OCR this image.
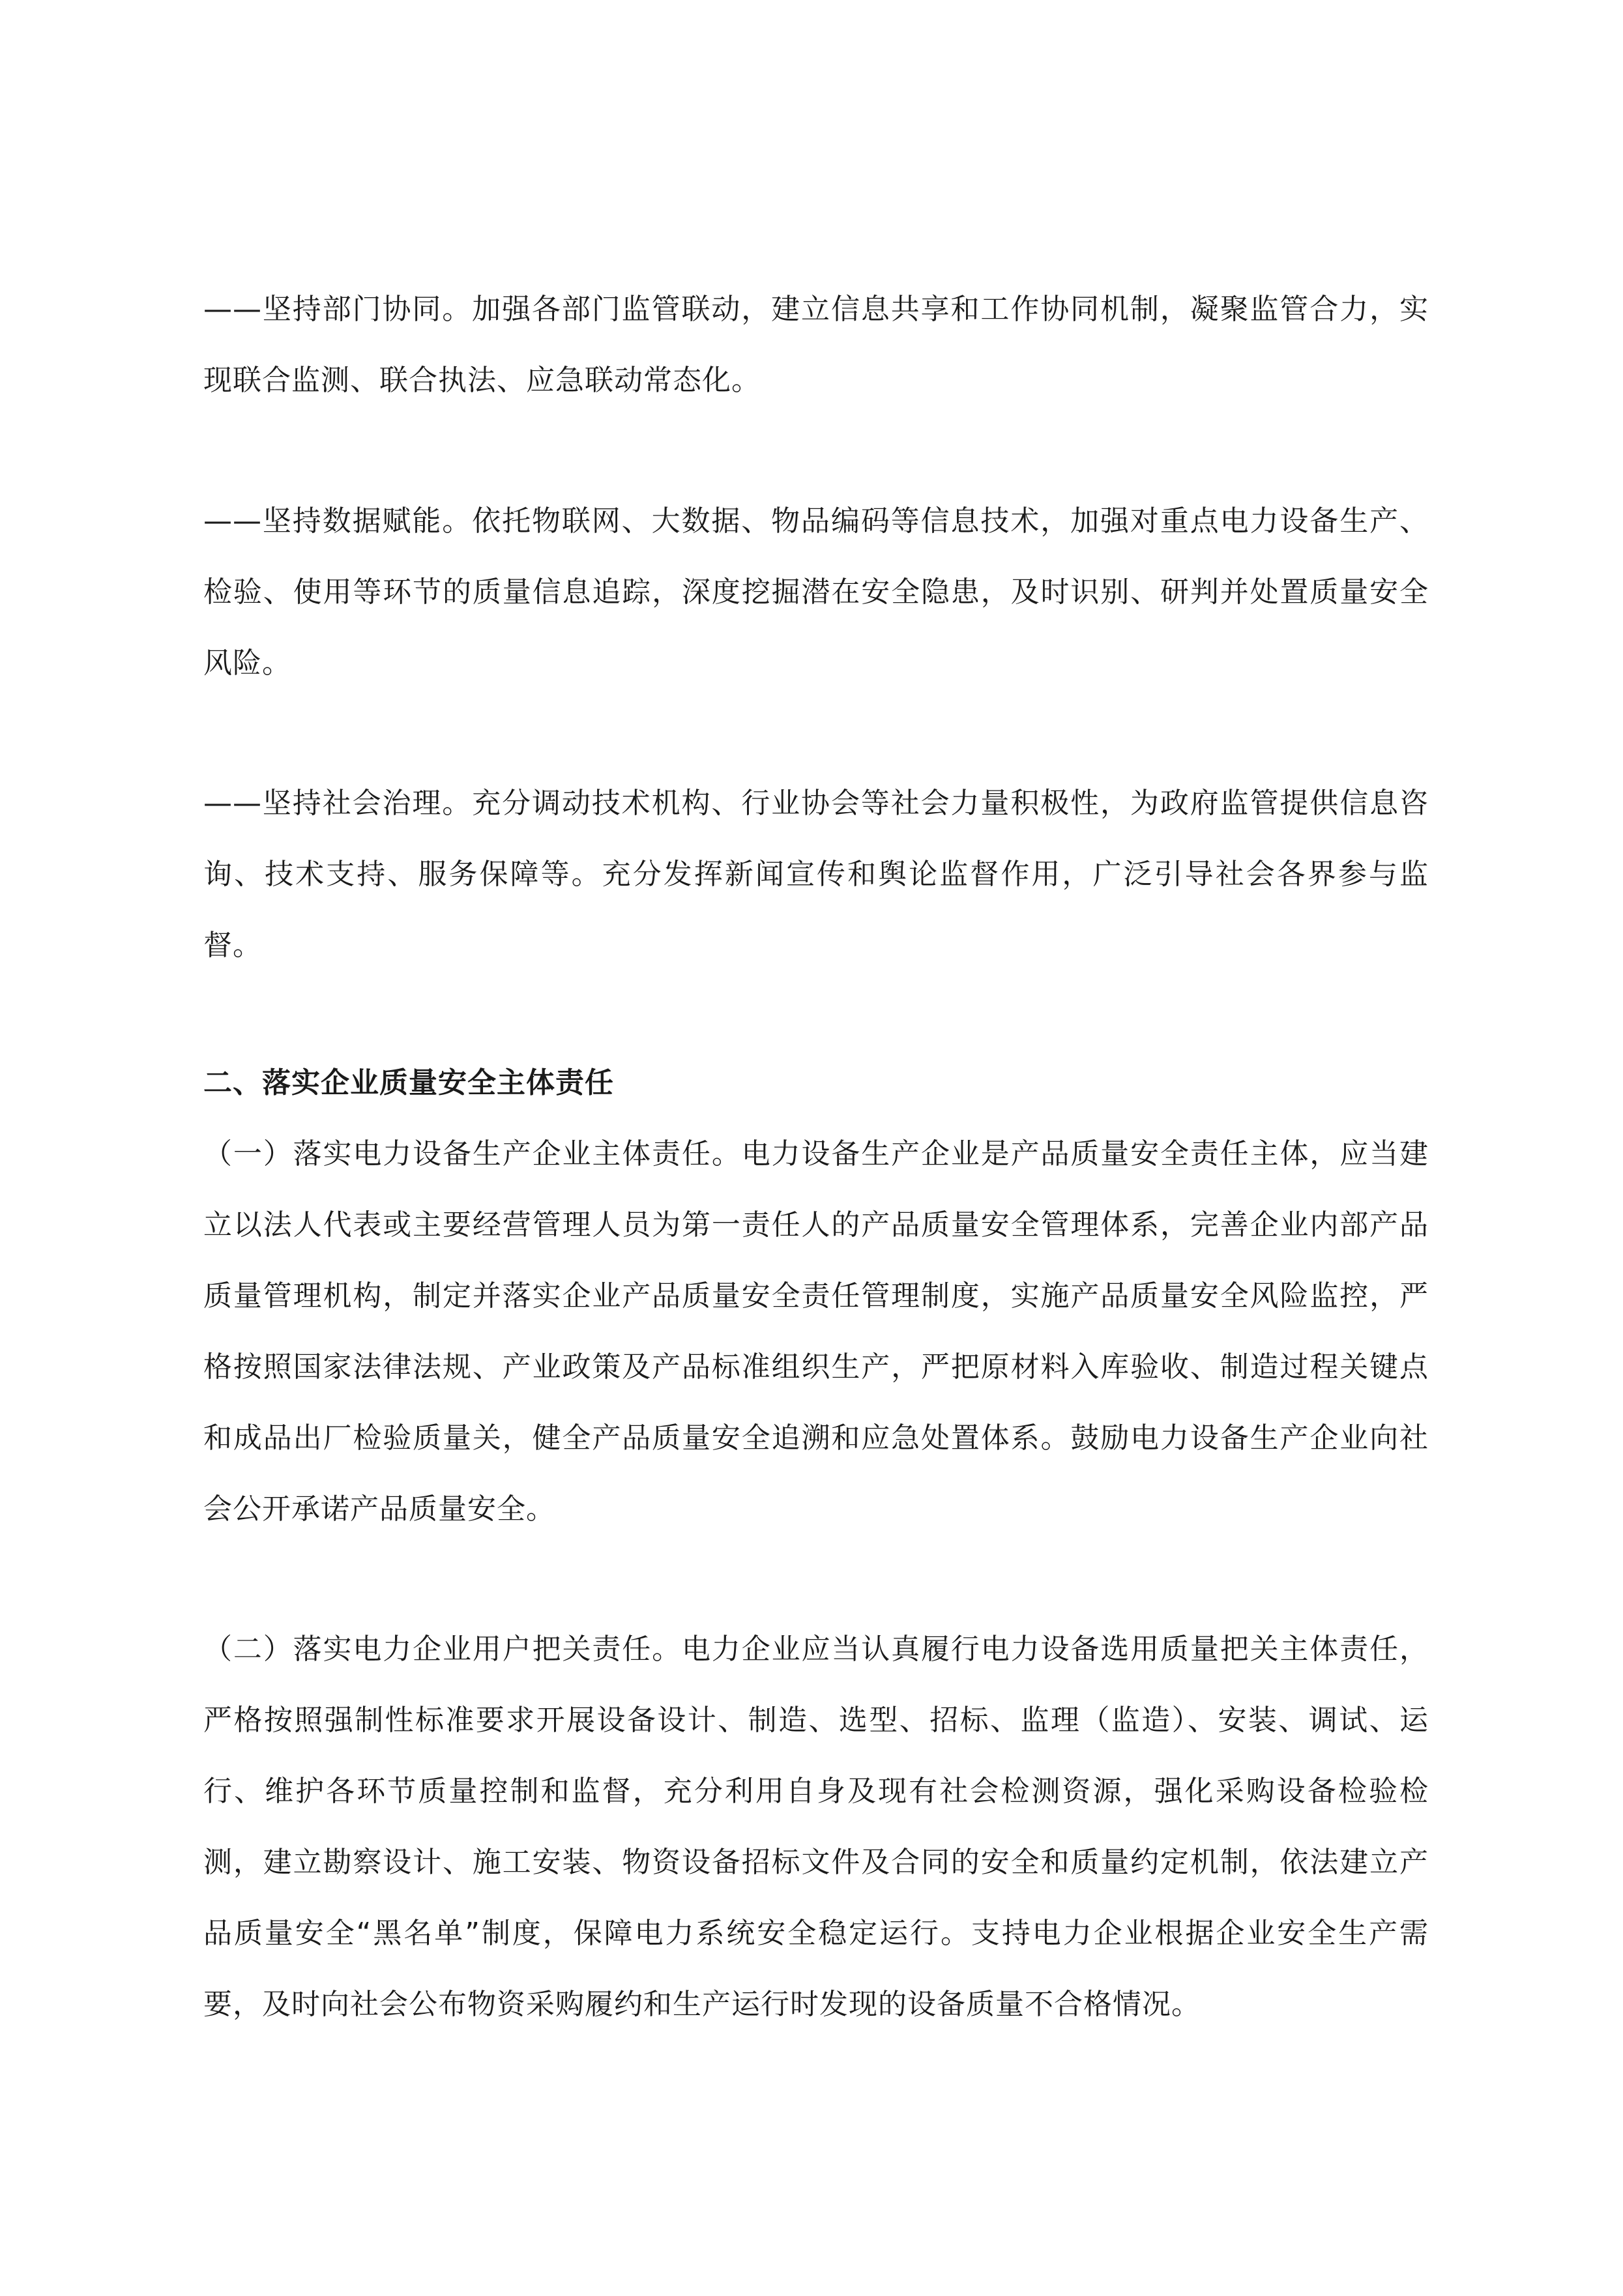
——坚持部门协同。加强各部门监管联动，建立信息共享和工作协同机制，凝聚监管合力，实现联合监测、联合执法、应急联动常态化。

——坚持数据赋能。依托物联网、大数据、物品编码等信息技术，加强对重点电力设备生产、检验、使用等环节的质量信息追踪，深度挖掘潜在安全隐患，及时识别、研判并处置质量安全风险。

——坚持社会治理。充分调动技术机构、行业协会等社会力量积极性，为政府监管提供信息咨询、技术支持、服务保障等。充分发挥新闻宣传和舆论监督作用，广泛引导社会各界参与监督。

二、落实企业质量安全主体责任

（一）落实电力设备生产企业主体责任。电力设备生产企业是产品质量安全责任主体，应当建立以法人代表或主要经营管理人员为第一责任人的产品质量安全管理体系，完善企业内部产品质量管理机构，制定并落实企业产品质量安全责任管理制度，实施产品质量安全风险监控，严格按照国家法律法规、产业政策及产品标准组织生产，严把原材料入库验收、制造过程关键点和成品出厂检验质量关，健全产品质量安全追溯和应急处置体系。鼓励电力设备生产企业向社会公开承诺产品质量安全。

（二）落实电力企业用户把关责任。电力企业应当认真履行电力设备选用质量把关主体责任，严格按照强制性标准要求开展设备设计、制造、选型、招标、监理（监造）、安装、调试、运行、维护各环节质量控制和监督，充分利用自身及现有社会检测资源，强化采购设备检验检测，建立勘察设计、施工安装、物资设备招标文件及合同的安全和质量约定机制，依法建立产品质量安全“黑名单”制度，保障电力系统安全稳定运行。支持电力企业根据企业安全生产需要，及时向社会公布物资采购履约和生产运行时发现的设备质量不合格情况。
